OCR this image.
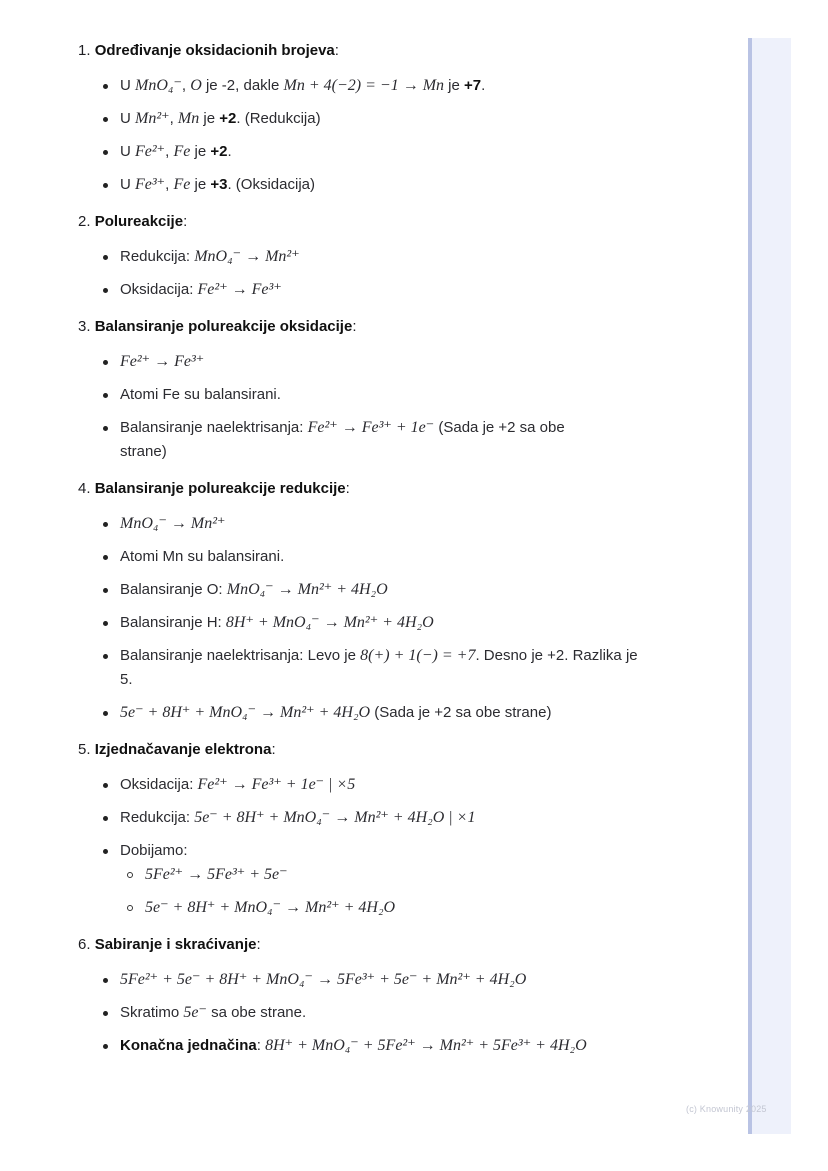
(c) Knowunity 2025

1. Određivanje oksidacionih brojeva:

U MnO₄⁻, O je -2, dakle Mn + 4(−2) = −1 → Mn je +7.
U Mn²⁺, Mn je +2. (Redukcija)
U Fe²⁺, Fe je +2.
U Fe³⁺, Fe je +3. (Oksidacija)

2. Polureakcije:

Redukcija: MnO₄⁻ → Mn²⁺
Oksidacija: Fe²⁺ → Fe³⁺

3. Balansiranje polureakcije oksidacije:

Fe²⁺ → Fe³⁺
Atomi Fe su balansirani.
Balansiranje naelektrisanja: Fe²⁺ → Fe³⁺ + 1e⁻ (Sada je +2 sa obe strane)

4. Balansiranje polureakcije redukcije:

MnO₄⁻ → Mn²⁺
Atomi Mn su balansirani.
Balansiranje O: MnO₄⁻ → Mn²⁺ + 4H₂O
Balansiranje H: 8H⁺ + MnO₄⁻ → Mn²⁺ + 4H₂O
Balansiranje naelektrisanja: Levo je 8(+) + 1(−) = +7. Desno je +2. Razlika je 5.
5e⁻ + 8H⁺ + MnO₄⁻ → Mn²⁺ + 4H₂O (Sada je +2 sa obe strane)

5. Izjednačavanje elektrona:

Oksidacija: Fe²⁺ → Fe³⁺ + 1e⁻ | ×5
Redukcija: 5e⁻ + 8H⁺ + MnO₄⁻ → Mn²⁺ + 4H₂O | ×1
Dobijamo:
5Fe²⁺ → 5Fe³⁺ + 5e⁻
5e⁻ + 8H⁺ + MnO₄⁻ → Mn²⁺ + 4H₂O

6. Sabiranje i skraćivanje:

5Fe²⁺ + 5e⁻ + 8H⁺ + MnO₄⁻ → 5Fe³⁺ + 5e⁻ + Mn²⁺ + 4H₂O
Skratimo 5e⁻ sa obe strane.
Konačna jednačina: 8H⁺ + MnO₄⁻ + 5Fe²⁺ → Mn²⁺ + 5Fe³⁺ + 4H₂O
